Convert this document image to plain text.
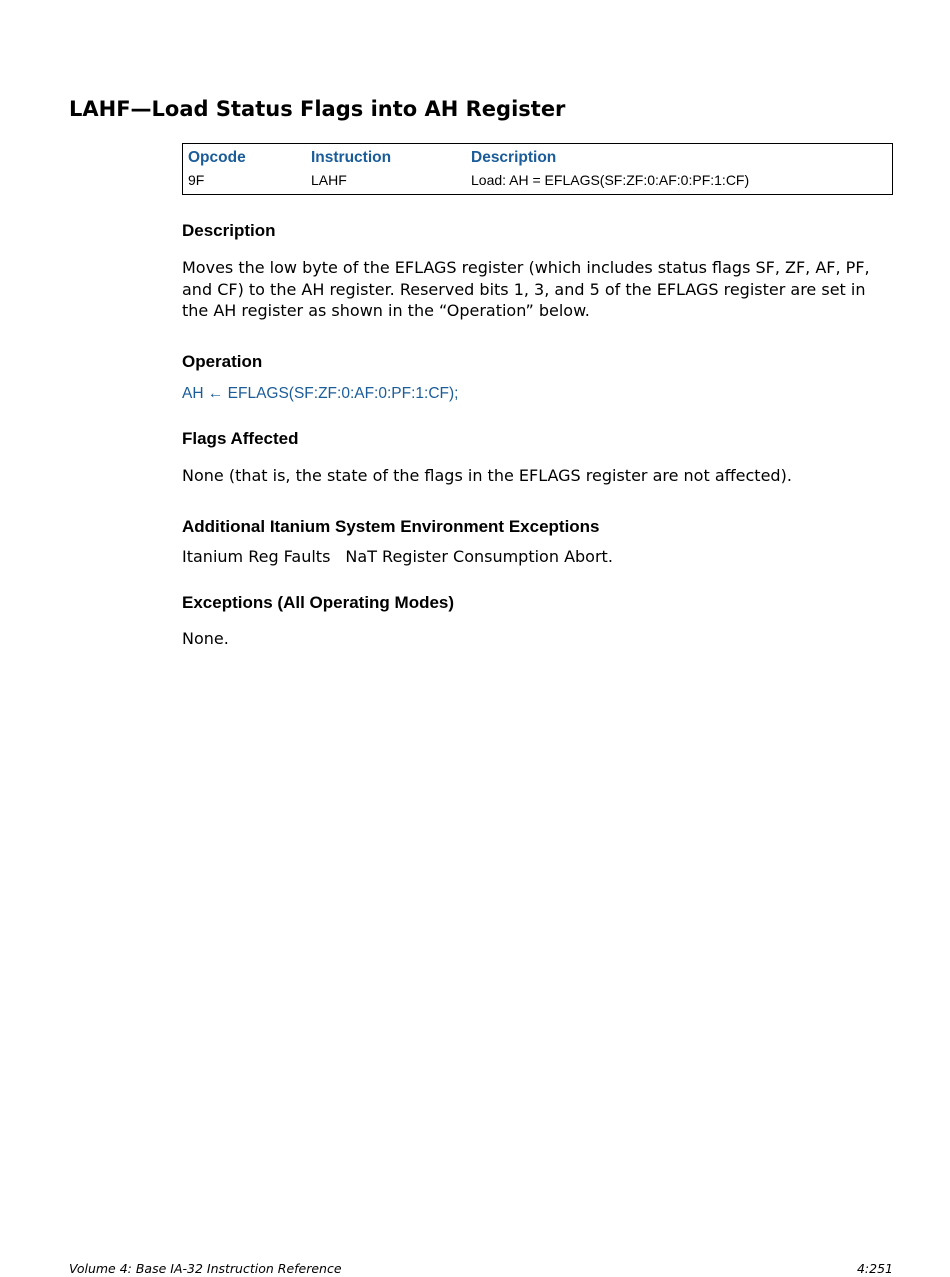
LAHF—Load Status Flags into AH Register
Opcode	Instruction	Description
9F	LAHF	Load: AH = EFLAGS(SF:ZF:0:AF:0:PF:1:CF)
Description

Moves the low byte of the EFLAGS register (which includes status flags SF, ZF, AF, PF,
and CF) to the AH register. Reserved bits 1, 3, and 5 of the EFLAGS register are set in
the AH register as shown in the “Operation” below.

Operation

AH ← EFLAGS(SF:ZF:0:AF:0:PF:1:CF);

Flags Affected

None (that is, the state of the flags in the EFLAGS register are not affected).

Additional Itanium System Environment Exceptions

Itanium Reg Faults NaT Register Consumption Abort.

Exceptions (All Operating Modes)

None.

Volume 4: Base IA-32 Instruction Reference	4:251
